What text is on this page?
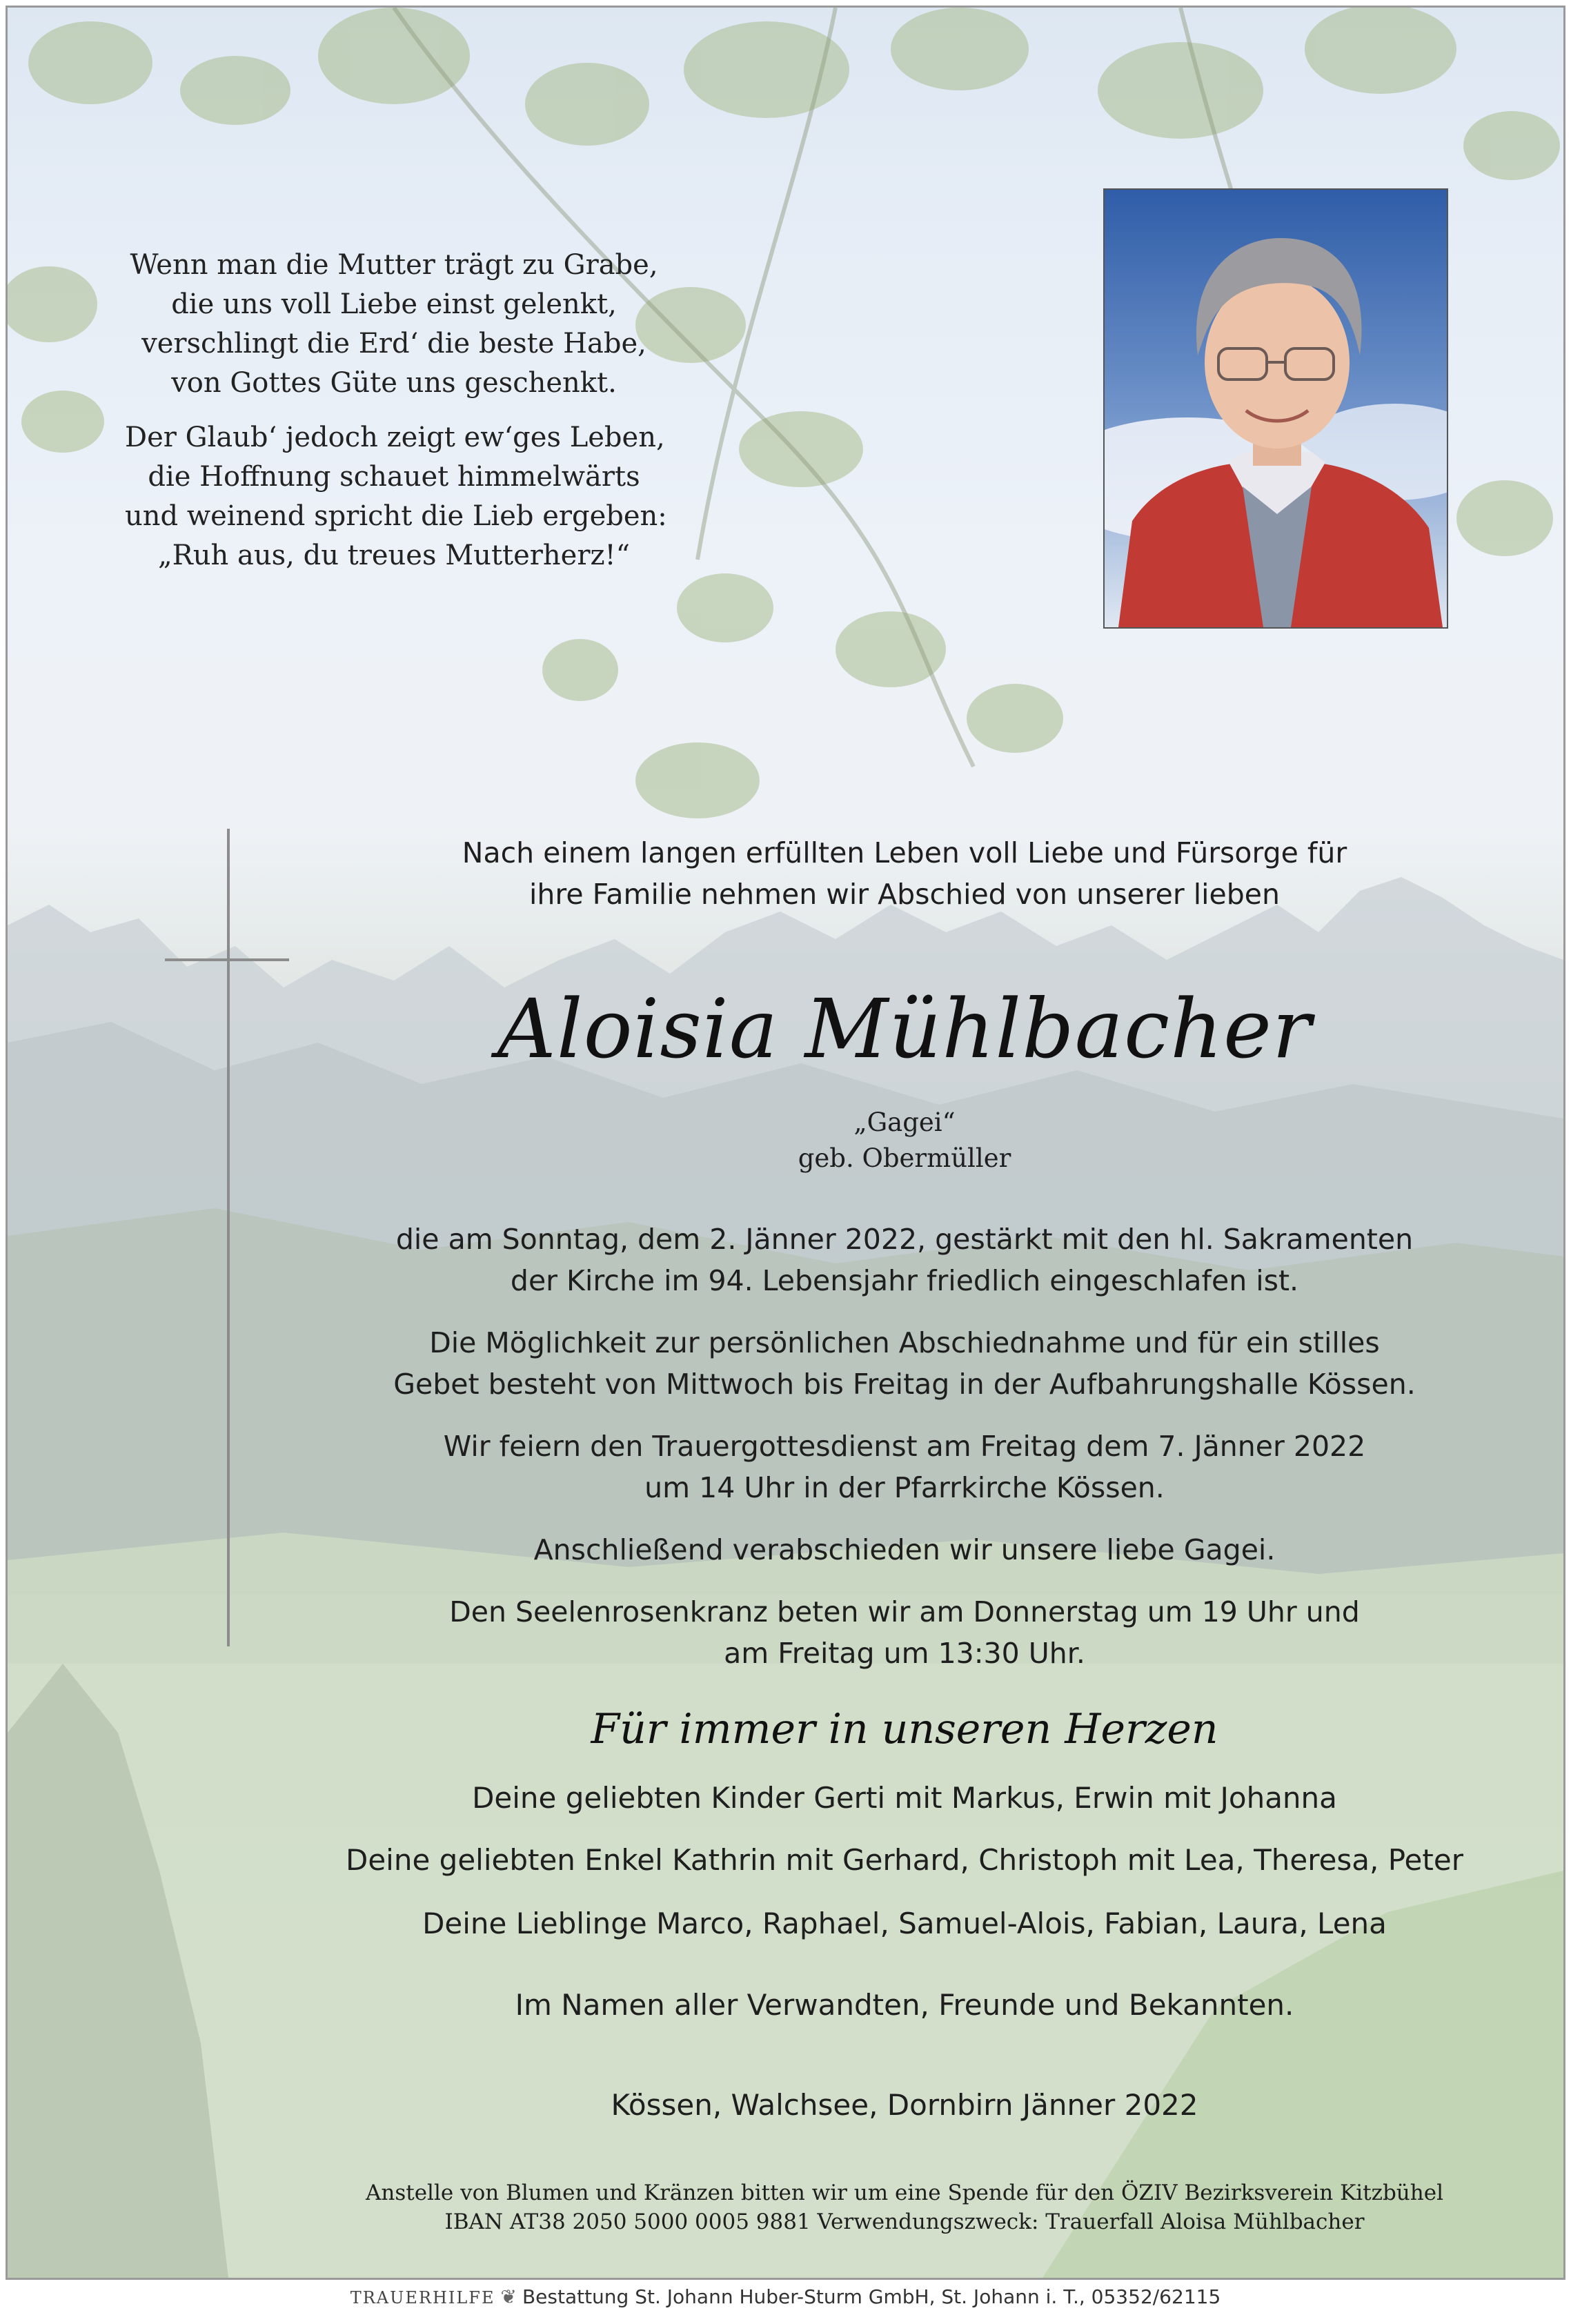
Wenn man die Mutter trägt zu Grabe,
die uns voll Liebe einst gelenkt,
verschlingt die Erd‘ die beste Habe,
von Gottes Güte uns geschenkt.
Der Glaub‘ jedoch zeigt ew‘ges Leben,
die Hoffnung schauet himmelwärts
und weinend spricht die Lieb ergeben:
„Ruh aus, du treues Mutterherz!“
Nach einem langen erfüllten Leben voll Liebe und Fürsorge für
ihre Familie nehmen wir Abschied von unserer lieben
Aloisia Mühlbacher
„Gagei“
geb. Obermüller
die am Sonntag, dem 2. Jänner 2022, gestärkt mit den hl. Sakramenten
der Kirche im 94. Lebensjahr friedlich eingeschlafen ist.
Die Möglichkeit zur persönlichen Abschiednahme und für ein stilles
Gebet besteht von Mittwoch bis Freitag in der Aufbahrungshalle Kössen.
Wir feiern den Trauergottesdienst am Freitag dem 7. Jänner 2022
um 14 Uhr in der Pfarrkirche Kössen.
Anschließend verabschieden wir unsere liebe Gagei.
Den Seelenrosenkranz beten wir am Donnerstag um 19 Uhr und
am Freitag um 13:30 Uhr.
Für immer in unseren Herzen
Deine geliebten Kinder Gerti mit Markus, Erwin mit Johanna
Deine geliebten Enkel Kathrin mit Gerhard, Christoph mit Lea, Theresa, Peter
Deine Lieblinge Marco, Raphael, Samuel-Alois, Fabian, Laura, Lena
Im Namen aller Verwandten, Freunde und Bekannten.
Kössen, Walchsee, Dornbirn Jänner 2022
Anstelle von Blumen und Kränzen bitten wir um eine Spende für den ÖZIV Bezirksverein Kitzbühel
IBAN AT38 2050 5000 0005 9881 Verwendungszweck: Trauerfall Aloisa Mühlbacher
TRAUERHILFE ❦ Bestattung St. Johann Huber-Sturm GmbH, St. Johann i. T., 05352/62115
